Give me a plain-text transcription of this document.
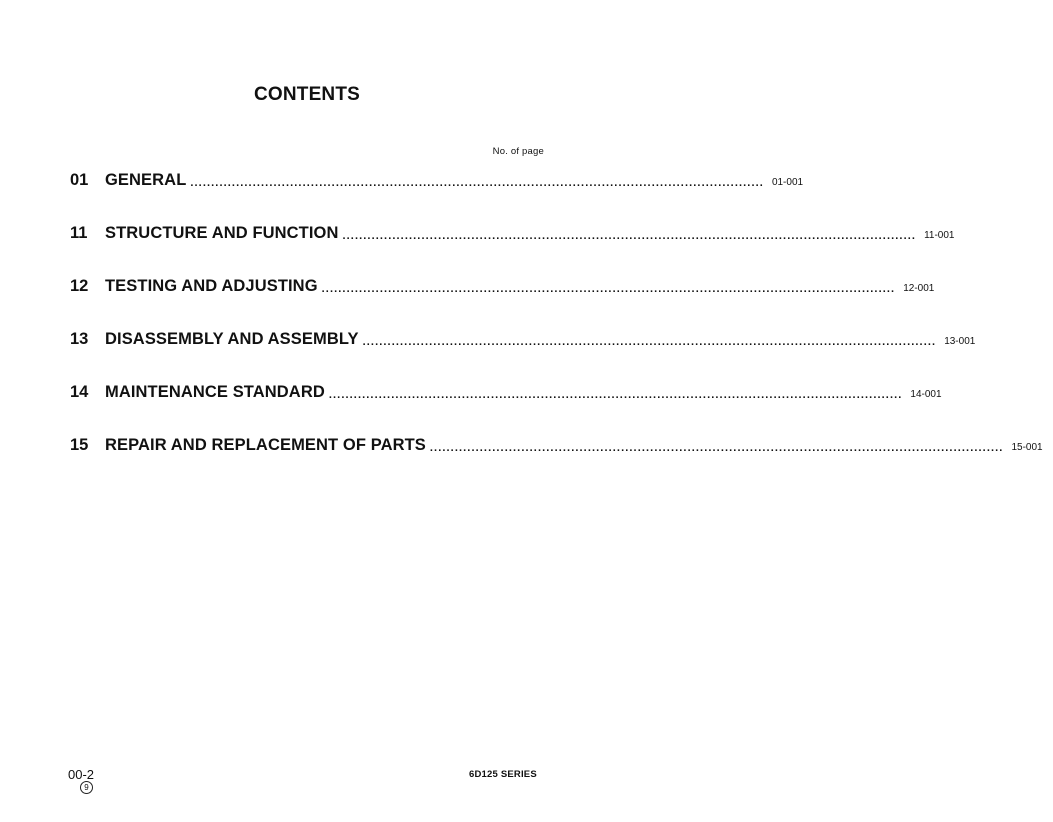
CONTENTS
No. of page
01	GENERAL .......................................................................................................................................... 01-001
11	STRUCTURE AND FUNCTION .......................................................................................................................................... 11-001
12	TESTING AND ADJUSTING .......................................................................................................................................... 12-001
13	DISASSEMBLY AND ASSEMBLY .......................................................................................................................................... 13-001
14	MAINTENANCE STANDARD .......................................................................................................................................... 14-001
15	REPAIR AND REPLACEMENT OF PARTS .......................................................................................................................................... 15-001
00-2
9
6D125 SERIES
